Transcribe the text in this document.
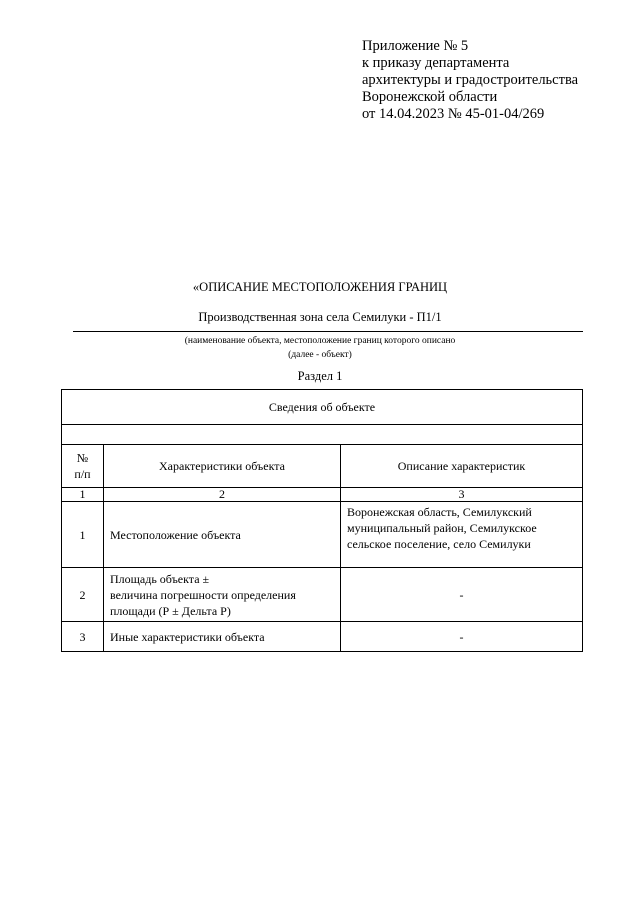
Приложение № 5
к приказу департамента
архитектуры и градостроительства
Воронежской области
от 14.04.2023 № 45-01-04/269
«ОПИСАНИЕ МЕСТОПОЛОЖЕНИЯ ГРАНИЦ
Производственная зона села Семилуки - П1/1
(наименование объекта, местоположение границ которого описано
(далее - объект)
Раздел 1
Сведения об объекте		

№
п/п	Характеристики объекта	Описание характеристик
1	2	3
1	Местоположение объекта	Воронежская область, Семилукский
муниципальный район, Семилукское
сельское поселение, село Семилуки

2	Площадь объекта ±
величина погрешности определения
площади (Р ± Дельта Р)	-
3	Иные характеристики объекта	-
